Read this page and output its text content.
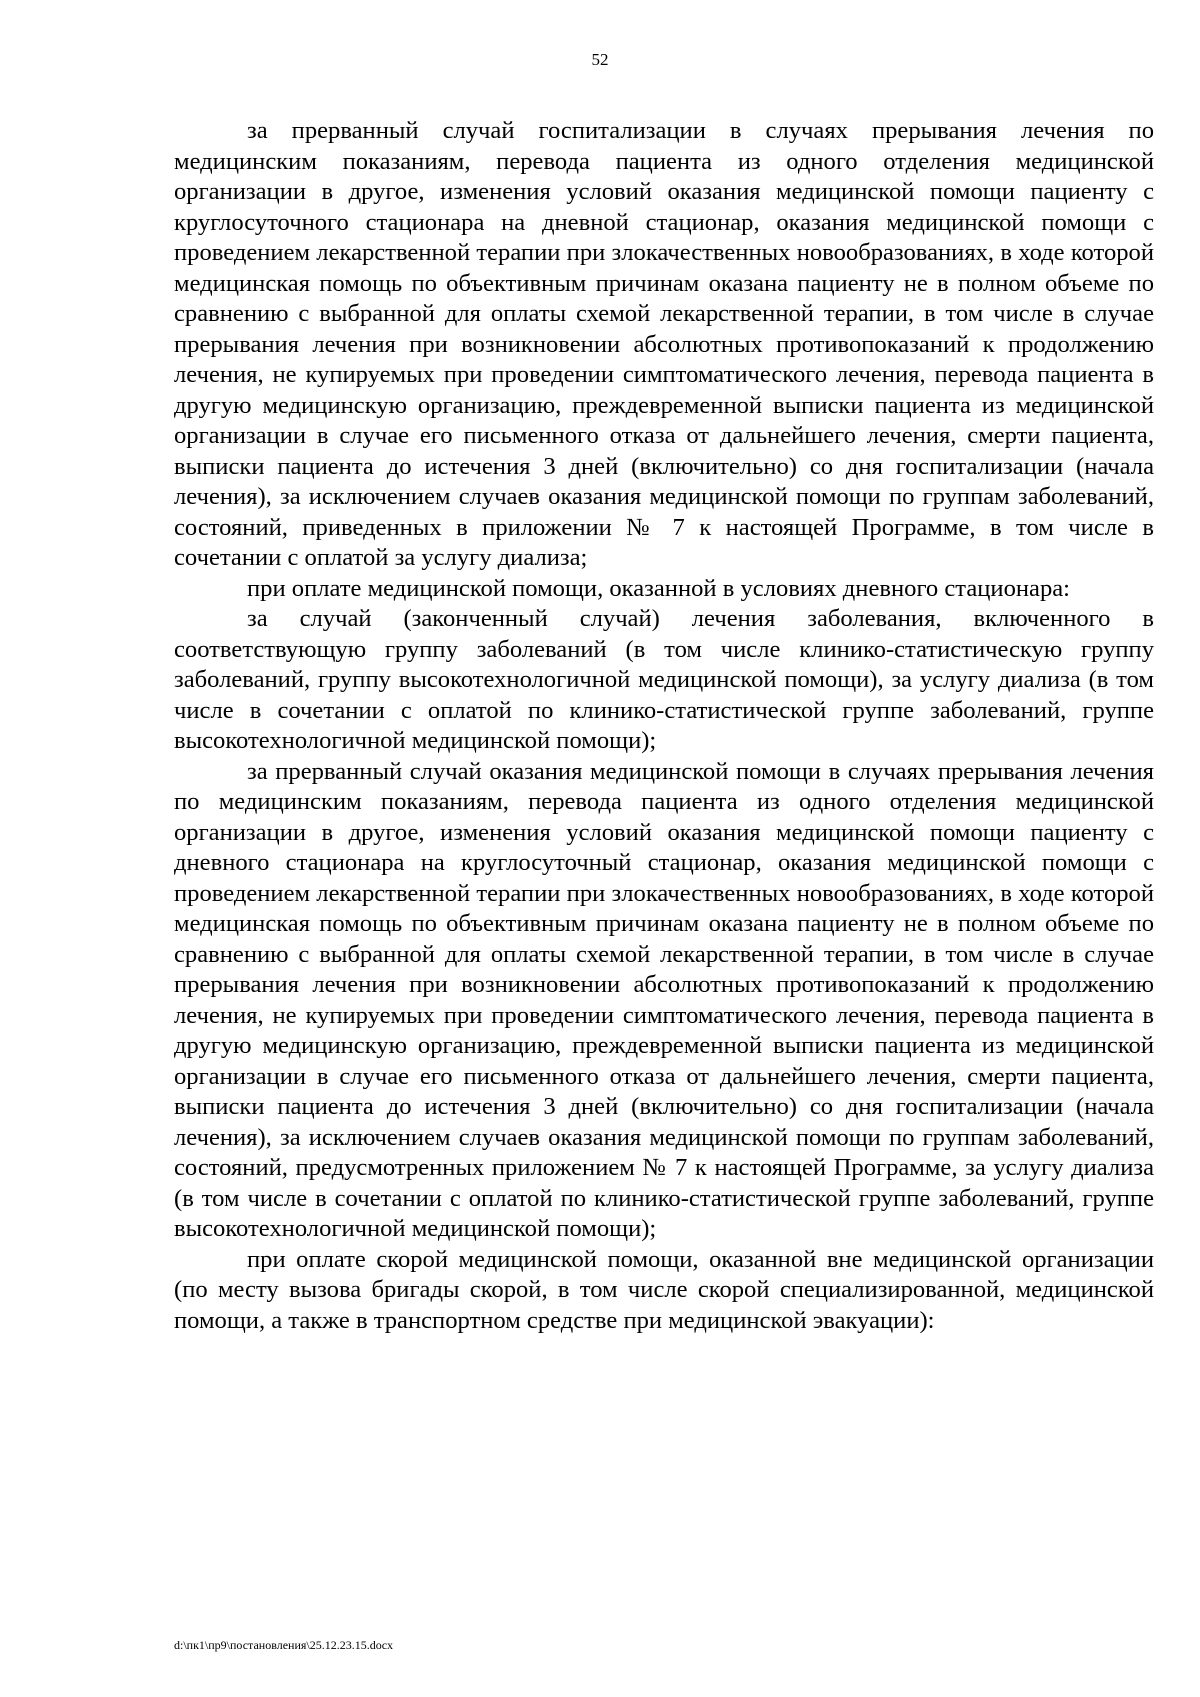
52

за прерванный случай госпитализации в случаях прерывания лечения по медицинским показаниям, перевода пациента из одного отделения медицинской организации в другое, изменения условий оказания медицинской помощи пациенту с круглосуточного стационара на дневной стационар, оказания медицинской помощи с проведением лекарственной терапии при злокачественных новообразованиях, в ходе которой медицинская помощь по объективным причинам оказана пациенту не в полном объеме по сравнению с выбранной для оплаты схемой лекарственной терапии, в том числе в случае прерывания лечения при возникновении абсолютных противопоказаний к продолжению лечения, не купируемых при проведении симптоматического лечения, перевода пациента в другую медицинскую организацию, преждевременной выписки пациента из медицинской организации в случае его письменного отказа от дальнейшего лечения, смерти пациента, выписки пациента до истечения 3 дней (включительно) со дня госпитализации (начала лечения), за исключением случаев оказания медицинской помощи по группам заболеваний, состояний, приведенных в приложении № 7 к настоящей Программе, в том числе в сочетании с оплатой за услугу диализа;

при оплате медицинской помощи, оказанной в условиях дневного стационара:

за случай (законченный случай) лечения заболевания, включенного в соответствующую группу заболеваний (в том числе клинико-статистическую группу заболеваний, группу высокотехнологичной медицинской помощи), за услугу диализа (в том числе в сочетании с оплатой по клинико-статистической группе заболеваний, группе высокотехнологичной медицинской помощи);

за прерванный случай оказания медицинской помощи в случаях прерывания лечения по медицинским показаниям, перевода пациента из одного отделения медицинской организации в другое, изменения условий оказания медицинской помощи пациенту с дневного стационара на круглосуточный стационар, оказания медицинской помощи с проведением лекарственной терапии при злокачественных новообразованиях, в ходе которой медицинская помощь по объективным причинам оказана пациенту не в полном объеме по сравнению с выбранной для оплаты схемой лекарственной терапии, в том числе в случае прерывания лечения при возникновении абсолютных противопоказаний к продолжению лечения, не купируемых при проведении симптоматического лечения, перевода пациента в другую медицинскую организацию, преждевременной выписки пациента из медицинской организации в случае его письменного отказа от дальнейшего лечения, смерти пациента, выписки пациента до истечения 3 дней (включительно) со дня госпитализации (начала лечения), за исключением случаев оказания медицинской помощи по группам заболеваний, состояний, предусмотренных приложением № 7 к настоящей Программе, за услугу диализа (в том числе в сочетании с оплатой по клинико-статистической группе заболеваний, группе высокотехнологичной медицинской помощи);

при оплате скорой медицинской помощи, оказанной вне медицинской организации (по месту вызова бригады скорой, в том числе скорой специализированной, медицинской помощи, а также в транспортном средстве при медицинской эвакуации):

d:\пк1\пр9\постановления\25.12.23.15.docx
